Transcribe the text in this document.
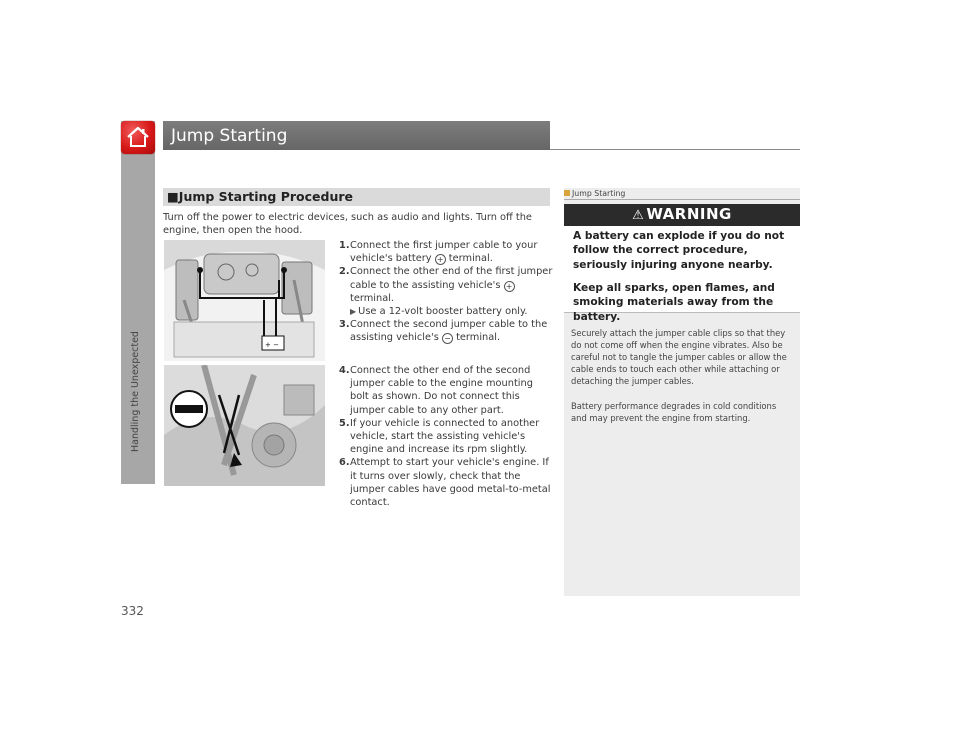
Handling the Unexpected
Jump Starting
■Jump Starting Procedure
Turn off the power to electric devices, such as audio and lights. Turn off the engine, then open the hood.
+ −
1. Connect the first jumper cable to your vehicle's battery + terminal.
2. Connect the other end of the first jumper cable to the assisting vehicle's + terminal.
▶ Use a 12-volt booster battery only.
3. Connect the second jumper cable to the assisting vehicle's − terminal.
4. Connect the other end of the second jumper cable to the engine mounting bolt as shown. Do not connect this jumper cable to any other part.
5. If your vehicle is connected to another vehicle, start the assisting vehicle's engine and increase its rpm slightly.
6. Attempt to start your vehicle's engine. If it turns over slowly, check that the jumper cables have good metal-to-metal contact.
Jump Starting
⚠ WARNING

A battery can explode if you do not follow the correct procedure, seriously injuring anyone nearby.

Keep all sparks, open flames, and smoking materials away from the battery.

Securely attach the jumper cable clips so that they do not come off when the engine vibrates. Also be careful not to tangle the jumper cables or allow the cable ends to touch each other while attaching or detaching the jumper cables.

Battery performance degrades in cold conditions and may prevent the engine from starting.

332
